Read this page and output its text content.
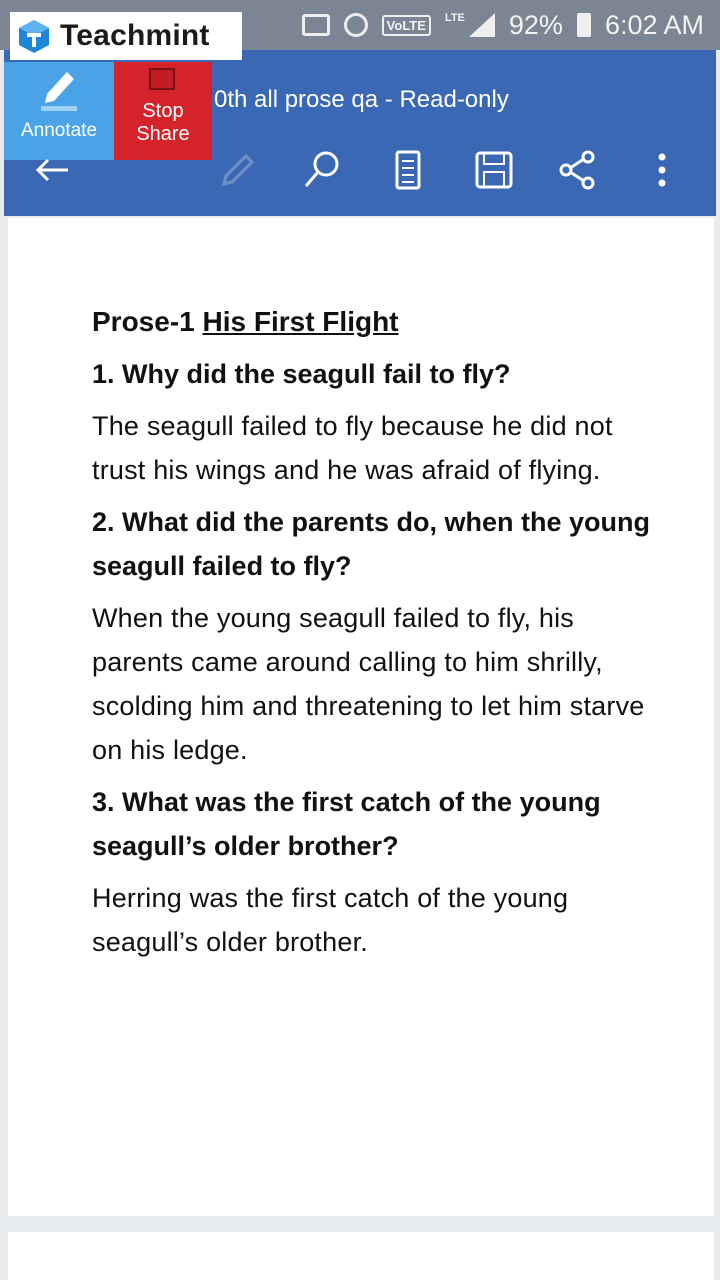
VoLTE	LTE 92% 6:02 AM
0th all prose qa - Read-only
Annotate
Stop
Share
Teachmint
Prose-1 His First Flight
1. Why did the seagull fail to fly?
The seagull failed to fly because he did not trust his wings and he was afraid of flying.
2. What did the parents do, when the young seagull failed to fly?
When the young seagull failed to fly, his parents came around calling to him shrilly, scolding him and threatening to let him starve on his ledge.
3. What was the first catch of the young seagull’s older brother?
Herring was the first catch of the young seagull’s older brother.
